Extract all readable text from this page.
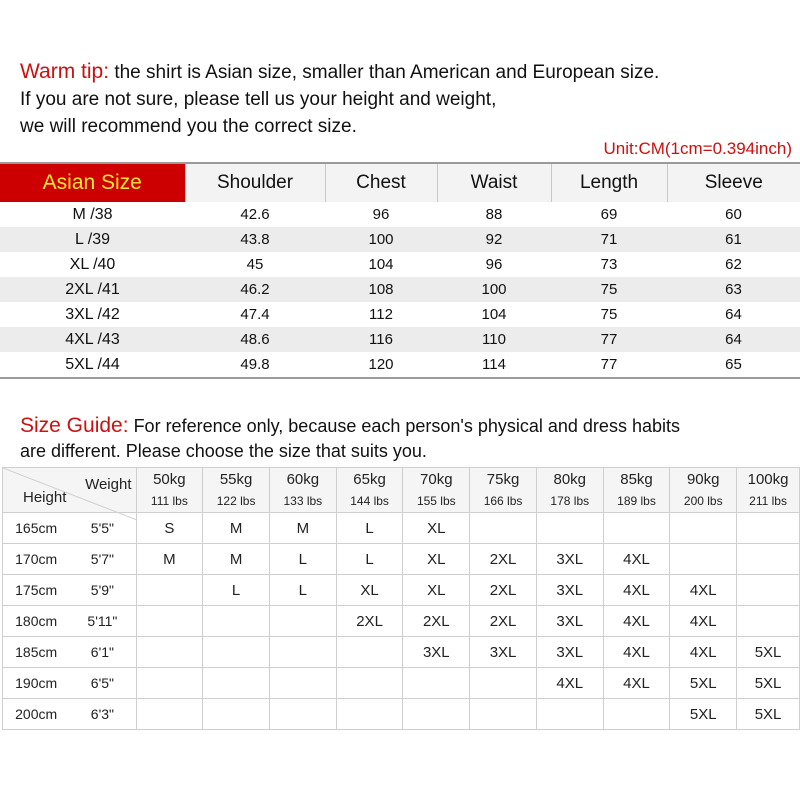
Warm tip: the shirt is Asian size, smaller than American and European size.
If you are not sure, please tell us your height and weight,
we will recommend you the correct size.
Unit:CM(1cm=0.394inch)
Asian Size	Shoulder	Chest	Waist	Length	Sleeve
M /38	42.6	96	88	69	60
L /39	43.8	100	92	71	61
XL /40	45	104	96	73	62
2XL /41	46.2	108	100	75	63
3XL /42	47.4	112	104	75	64
4XL /43	48.6	116	110	77	64
5XL /44	49.8	120	114	77	65
Size Guide: For reference only, because each person's physical and dress habits
are different. Please choose the size that suits you.
Weight
Height		50kg	55kg	60kg	65kg	70kg	75kg	80kg	85kg	90kg	100kg
		111 lbs	122 lbs	133 lbs	144 lbs	155 lbs	166 lbs	178 lbs	189 lbs	200 lbs	211 lbs
165cm	5'5"	S	M	M	L	XL					
170cm	5'7"	M	M	L	L	XL	2XL	3XL	4XL		
175cm	5'9"		L	L	XL	XL	2XL	3XL	4XL	4XL	
180cm	5'11"				2XL	2XL	2XL	3XL	4XL	4XL	
185cm	6'1"					3XL	3XL	3XL	4XL	4XL	5XL
190cm	6'5"							4XL	4XL	5XL	5XL
200cm	6'3"									5XL	5XL
